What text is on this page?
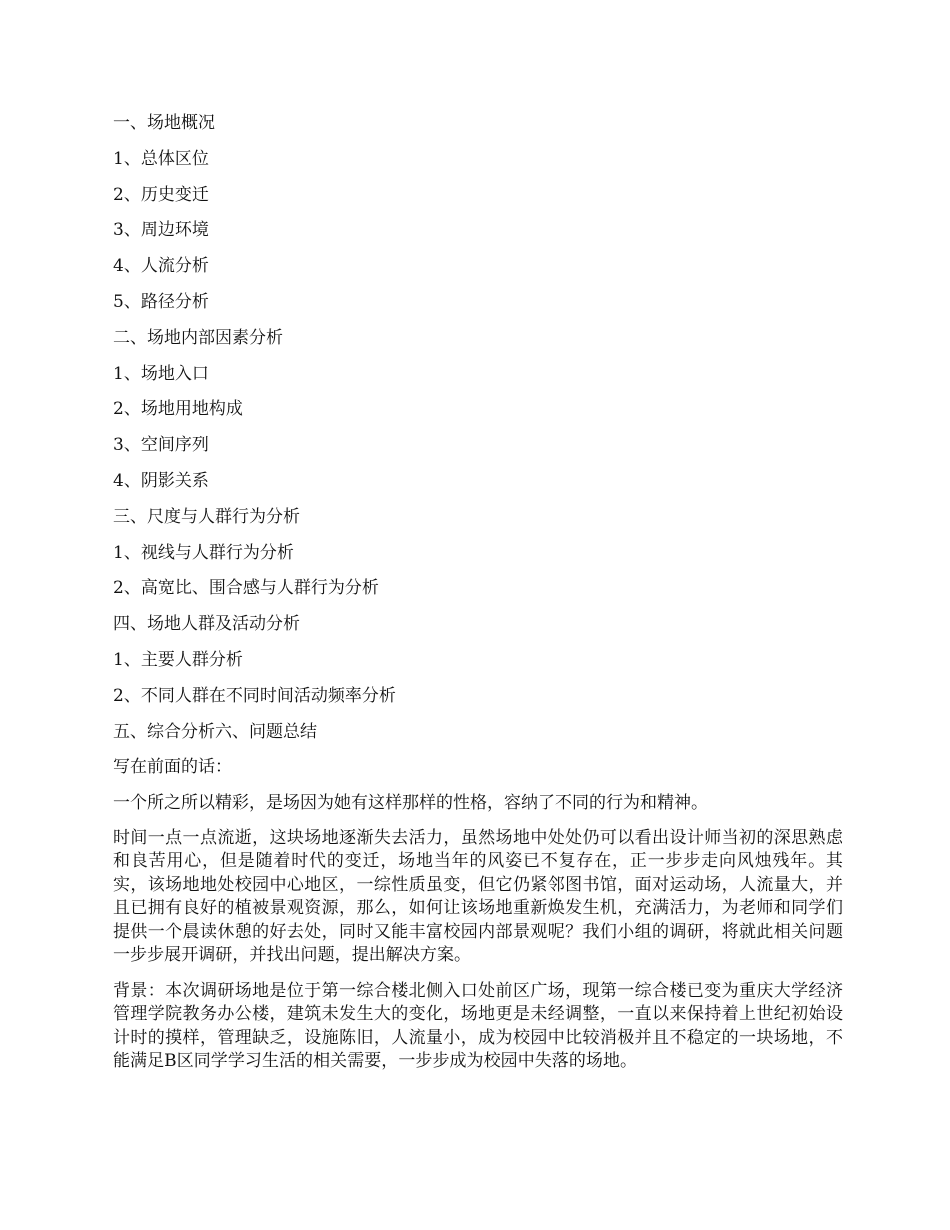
一、场地概况
1、总体区位
2、历史变迁
3、周边环境
4、人流分析
5、路径分析
二、场地内部因素分析
1、场地入口
2、场地用地构成
3、空间序列
4、阴影关系
三、尺度与人群行为分析
1、视线与人群行为分析
2、高宽比、围合感与人群行为分析
四、场地人群及活动分析
1、主要人群分析
2、不同人群在不同时间活动频率分析
五、综合分析六、问题总结
写在前面的话：
一个所之所以精彩，是场因为她有这样那样的性格，容纳了不同的行为和精神。
时间一点一点流逝，这块场地逐渐失去活力，虽然场地中处处仍可以看出设计师当初的深思熟虑和良苦用心，但是随着时代的变迁，场地当年的风姿已不复存在，正一步步走向风烛残年。其实，该场地地处校园中心地区，一综性质虽变，但它仍紧邻图书馆，面对运动场，人流量大，并且已拥有良好的植被景观资源，那么，如何让该场地重新焕发生机，充满活力，为老师和同学们提供一个晨读休憩的好去处，同时又能丰富校园内部景观呢？我们小组的调研，将就此相关问题一步步展开调研，并找出问题，提出解决方案。
背景：本次调研场地是位于第一综合楼北侧入口处前区广场，现第一综合楼已变为重庆大学经济管理学院教务办公楼，建筑未发生大的变化，场地更是未经调整，一直以来保持着上世纪初始设计时的摸样，管理缺乏，设施陈旧，人流量小，成为校园中比较消极并且不稳定的一块场地，不能满足B区同学学习生活的相关需要，一步步成为校园中失落的场地。
